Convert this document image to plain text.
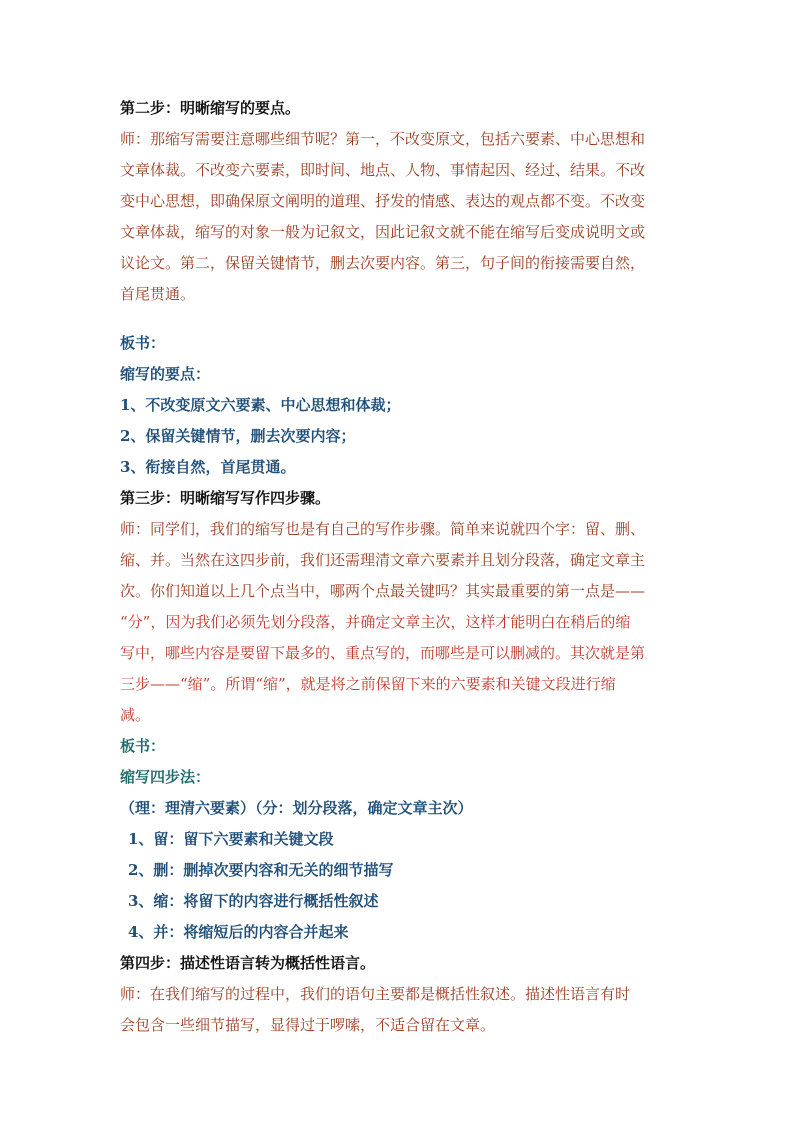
第二步：明晰缩写的要点。
师：那缩写需要注意哪些细节呢？第一，不改变原文，包括六要素、中心思想和
文章体裁。不改变六要素，即时间、地点、人物、事情起因、经过、结果。不改
变中心思想，即确保原文阐明的道理、抒发的情感、表达的观点都不变。不改变
文章体裁，缩写的对象一般为记叙文，因此记叙文就不能在缩写后变成说明文或
议论文。第二，保留关键情节，删去次要内容。第三，句子间的衔接需要自然，
首尾贯通。
板书：
缩写的要点：
1、不改变原文六要素、中心思想和体裁；
2、保留关键情节，删去次要内容；
3、衔接自然，首尾贯通。
第三步：明晰缩写写作四步骤。
师：同学们，我们的缩写也是有自己的写作步骤。简单来说就四个字：留、删、
缩、并。当然在这四步前，我们还需理清文章六要素并且划分段落，确定文章主
次。你们知道以上几个点当中，哪两个点最关键吗？其实最重要的第一点是——
“分”，因为我们必须先划分段落，并确定文章主次，这样才能明白在稍后的缩
写中，哪些内容是要留下最多的、重点写的，而哪些是可以删减的。其次就是第
三步——“缩”。所谓“缩”，就是将之前保留下来的六要素和关键文段进行缩
减。
板书：
缩写四步法：
（理：理清六要素）（分：划分段落，确定文章主次）
1、留：留下六要素和关键文段
2、删：删掉次要内容和无关的细节描写
3、缩：将留下的内容进行概括性叙述
4、并：将缩短后的内容合并起来
第四步：描述性语言转为概括性语言。
师：在我们缩写的过程中，我们的语句主要都是概括性叙述。描述性语言有时
会包含一些细节描写，显得过于啰嗦，不适合留在文章。
